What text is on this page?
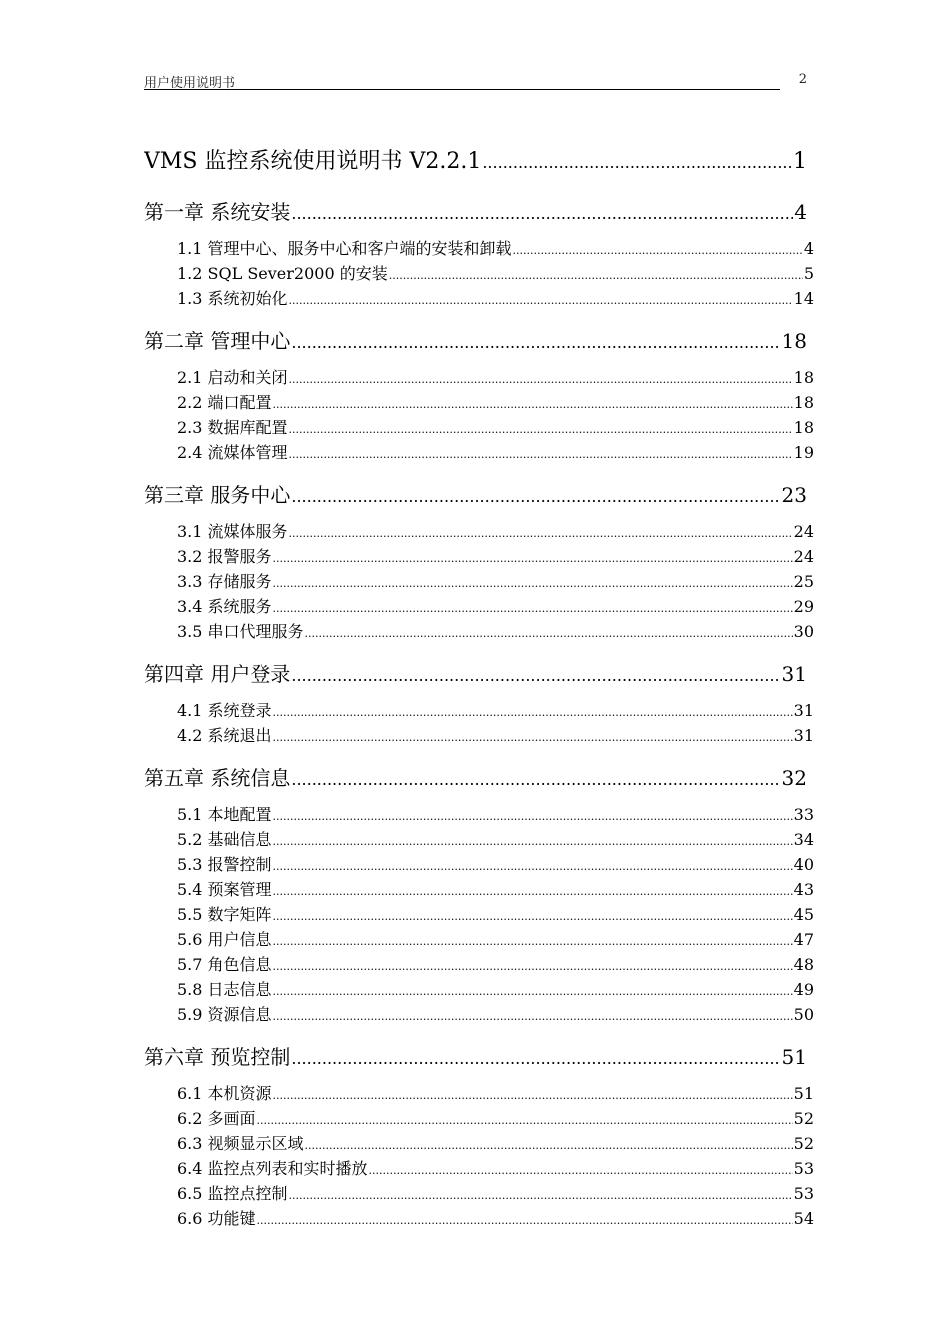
用户使用说明书	2
VMS 监控系统使用说明书 V2.2.1 .....	1
第一章 系统安装 .....	4
1.1 管理中心、服务中心和客户端的安装和卸载 .....	4
1.2 SQL Sever2000 的安装 .....	5
1.3 系统初始化 .....	14
第二章 管理中心 .....	18
2.1 启动和关闭 .....	18
2.2 端口配置 .....	18
2.3 数据库配置 .....	18
2.4 流媒体管理 .....	19
第三章 服务中心 .....	23
3.1 流媒体服务 .....	24
3.2 报警服务 .....	24
3.3 存储服务 .....	25
3.4 系统服务 .....	29
3.5 串口代理服务 .....	30
第四章 用户登录 .....	31
4.1 系统登录 .....	31
4.2 系统退出 .....	31
第五章 系统信息 .....	32
5.1 本地配置 .....	33
5.2 基础信息 .....	34
5.3 报警控制 .....	40
5.4 预案管理 .....	43
5.5 数字矩阵 .....	45
5.6 用户信息 .....	47
5.7 角色信息 .....	48
5.8 日志信息 .....	49
5.9 资源信息 .....	50
第六章 预览控制 .....	51
6.1 本机资源 .....	51
6.2 多画面 .....	52
6.3 视频显示区域 .....	52
6.4 监控点列表和实时播放 .....	53
6.5 监控点控制 .....	53
6.6 功能键 .....	54
